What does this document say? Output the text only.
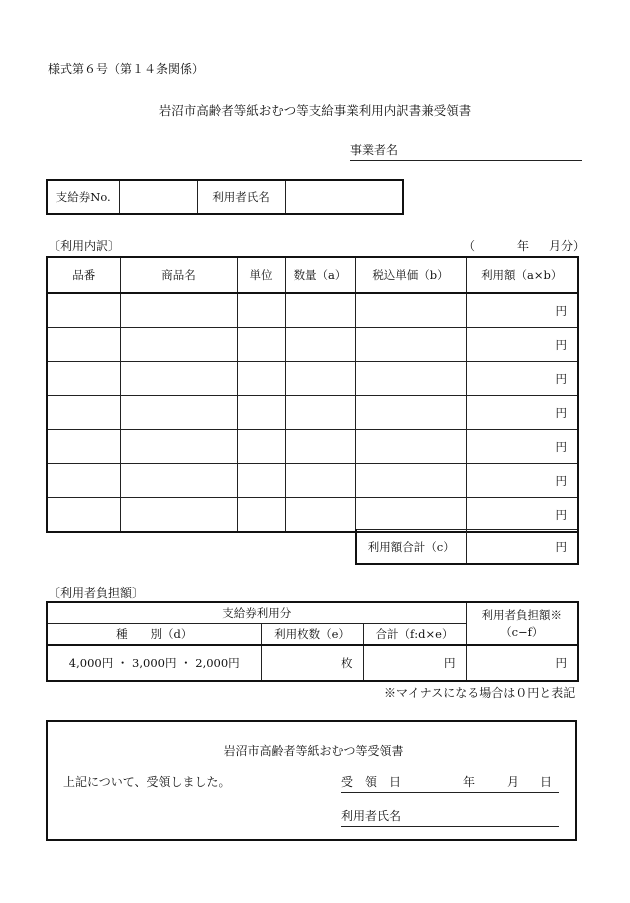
様式第６号（第１４条関係）
岩沼市高齢者等紙おむつ等支給事業利用内訳書兼受領書
事業者名
支給券No.		利用者氏名	
〔利用内訳〕	（	年 月分）
品番	商品名	単位	数量（a）	税込単価（b）	利用額（a×b）
					円
					円
					円
					円
					円
					円
					円
利用額合計（c）	円
〔利用者負担額〕
支給券利用分			利用者負担額※（c−f）
種　　別（d）	利用枚数（e）	合計（f:d×e）	
4,000円 ・ 3,000円 ・ 2,000円	枚	円	円
※マイナスになる場合は０円と表記
岩沼市高齢者等紙おむつ等受領書
上記について、受領しました。	受　領　日	年	月 日
利用者氏名
